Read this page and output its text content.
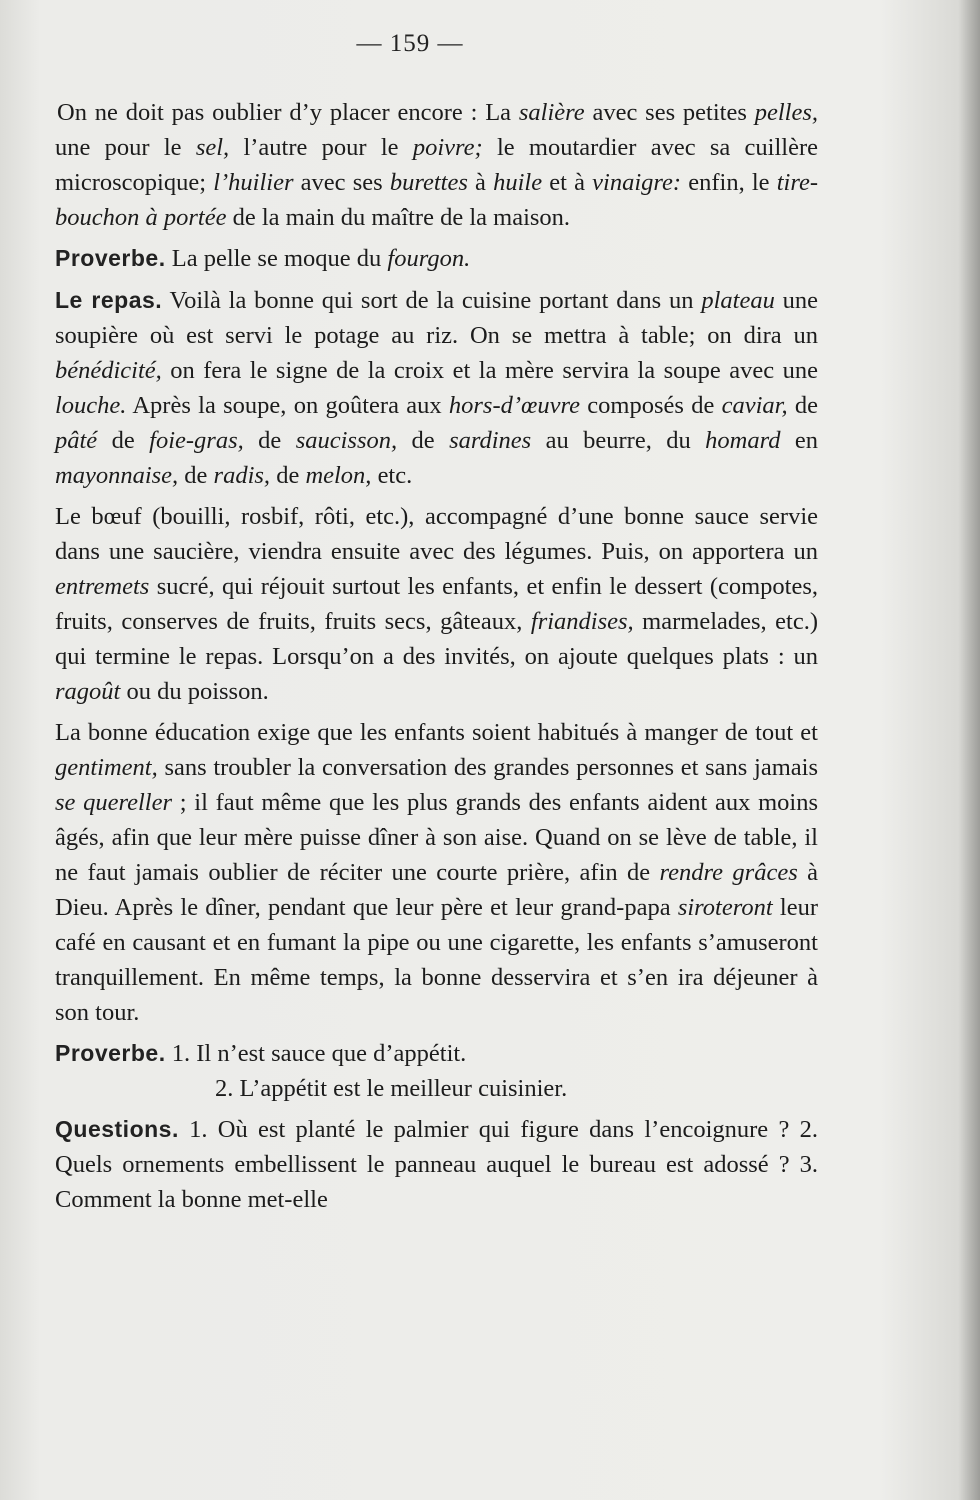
— 159 —

On ne doit pas oublier d’y placer encore : La salière avec ses petites pelles, une pour le sel, l’autre pour le poivre; le moutardier avec sa cuillère microscopique; l’huilier avec ses burettes à huile et à vinaigre: enfin, le tire-bouchon à portée de la main du maître de la maison.

Proverbe. La pelle se moque du fourgon.

Le repas. Voilà la bonne qui sort de la cuisine portant dans un plateau une soupière où est servi le potage au riz. On se mettra à table; on dira un bénédicité, on fera le signe de la croix et la mère servira la soupe avec une louche. Après la soupe, on goûtera aux hors-d’œuvre composés de caviar, de pâté de foie-gras, de saucisson, de sardines au beurre, du homard en mayonnaise, de radis, de melon, etc.

Le bœuf (bouilli, rosbif, rôti, etc.), accompagné d’une bonne sauce servie dans une saucière, viendra ensuite avec des légumes. Puis, on apportera un entremets sucré, qui réjouit surtout les enfants, et enfin le dessert (compotes, fruits, conserves de fruits, fruits secs, gâteaux, friandises, marmelades, etc.) qui termine le repas. Lorsqu’on a des invités, on ajoute quelques plats : un ragoût ou du poisson.

La bonne éducation exige que les enfants soient habitués à manger de tout et gentiment, sans troubler la conversation des grandes personnes et sans jamais se quereller ; il faut même que les plus grands des enfants aident aux moins âgés, afin que leur mère puisse dîner à son aise. Quand on se lève de table, il ne faut jamais oublier de réciter une courte prière, afin de rendre grâces à Dieu. Après le dîner, pendant que leur père et leur grand-papa siroteront leur café en causant et en fumant la pipe ou une cigarette, les enfants s’amuseront tranquillement. En même temps, la bonne desservira et s’en ira déjeuner à son tour.

Proverbe. 1. Il n’est sauce que d’appétit.

2. L’appétit est le meilleur cuisinier.

Questions. 1. Où est planté le palmier qui figure dans l’encoignure ? 2. Quels ornements embellissent le panneau auquel le bureau est adossé ? 3. Comment la bonne met-elle
